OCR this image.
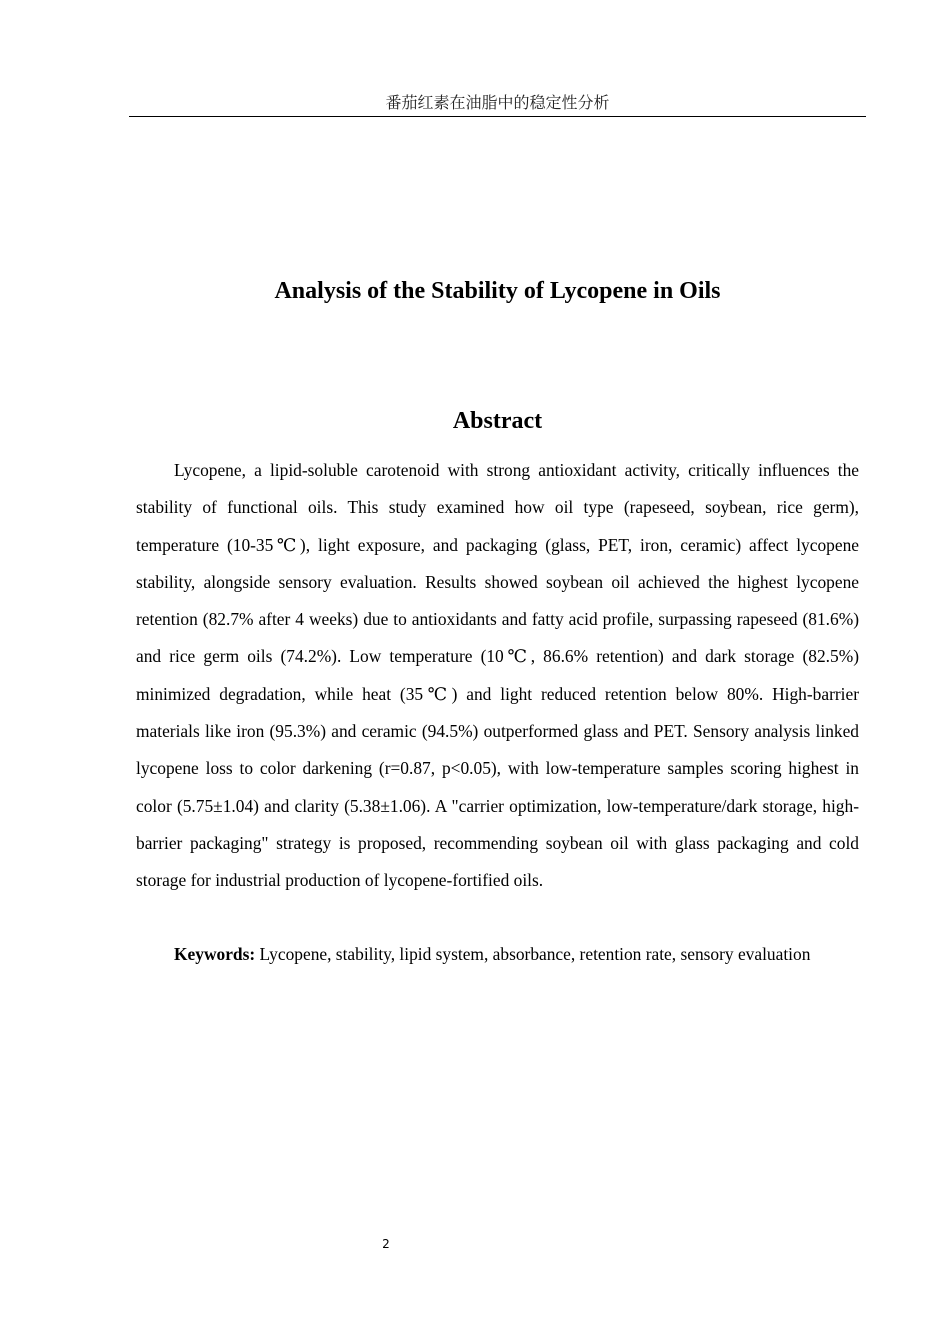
番茄红素在油脂中的稳定性分析
Analysis of the Stability of Lycopene in Oils
Abstract

Lycopene, a lipid-soluble carotenoid with strong antioxidant activity, critically influences the stability of functional oils. This study examined how oil type (rapeseed, soybean, rice germ), temperature (10-35℃), light exposure, and packaging (glass, PET, iron, ceramic) affect lycopene stability, alongside sensory evaluation. Results showed soybean oil achieved the highest lycopene retention (82.7% after 4 weeks) due to antioxidants and fatty acid profile, surpassing rapeseed (81.6%) and rice germ oils (74.2%). Low temperature (10℃, 86.6% retention) and dark storage (82.5%) minimized degradation, while heat (35℃) and light reduced retention below 80%. High-barrier materials like iron (95.3%) and ceramic (94.5%) outperformed glass and PET. Sensory analysis linked lycopene loss to color darkening (r=0.87, p<0.05), with low-temperature samples scoring highest in color (5.75±1.04) and clarity (5.38±1.06). A "carrier optimization, low-temperature/dark storage, high-barrier packaging" strategy is proposed, recommending soybean oil with glass packaging and cold storage for industrial production of lycopene-fortified oils.

Keywords: Lycopene, stability, lipid system, absorbance, retention rate, sensory evaluation

2
